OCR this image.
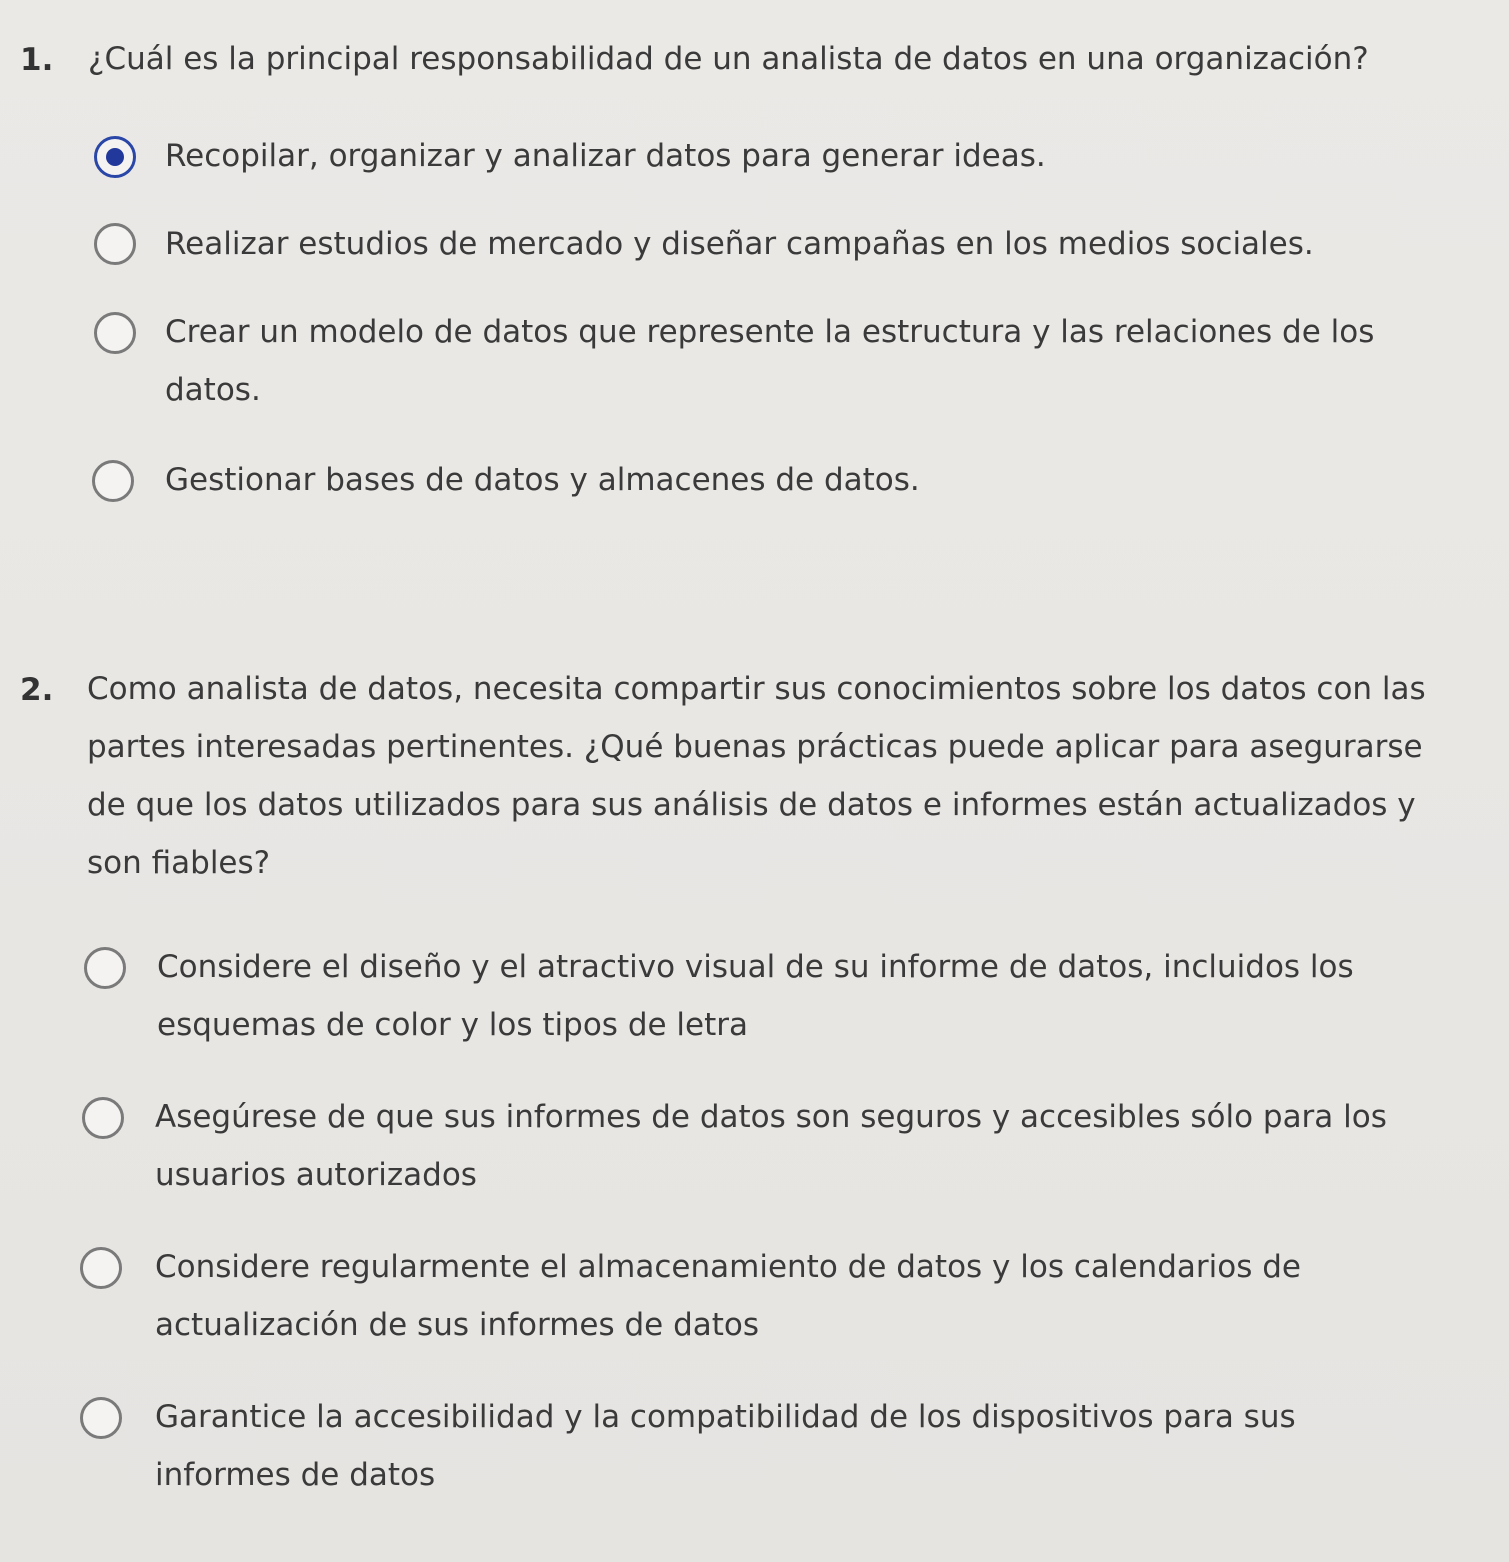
1. ¿Cuál es la principal responsabilidad de un analista de datos en una organización?
Recopilar, organizar y analizar datos para generar ideas.
Realizar estudios de mercado y diseñar campañas en los medios sociales.
Crear un modelo de datos que represente la estructura y las relaciones de los datos.
Gestionar bases de datos y almacenes de datos.
2. Como analista de datos, necesita compartir sus conocimientos sobre los datos con las partes interesadas pertinentes. ¿Qué buenas prácticas puede aplicar para asegurarse de que los datos utilizados para sus análisis de datos e informes están actualizados y son fiables?
Considere el diseño y el atractivo visual de su informe de datos, incluidos los esquemas de color y los tipos de letra
Asegúrese de que sus informes de datos son seguros y accesibles sólo para los usuarios autorizados
Considere regularmente el almacenamiento de datos y los calendarios de actualización de sus informes de datos
Garantice la accesibilidad y la compatibilidad de los dispositivos para sus informes de datos
